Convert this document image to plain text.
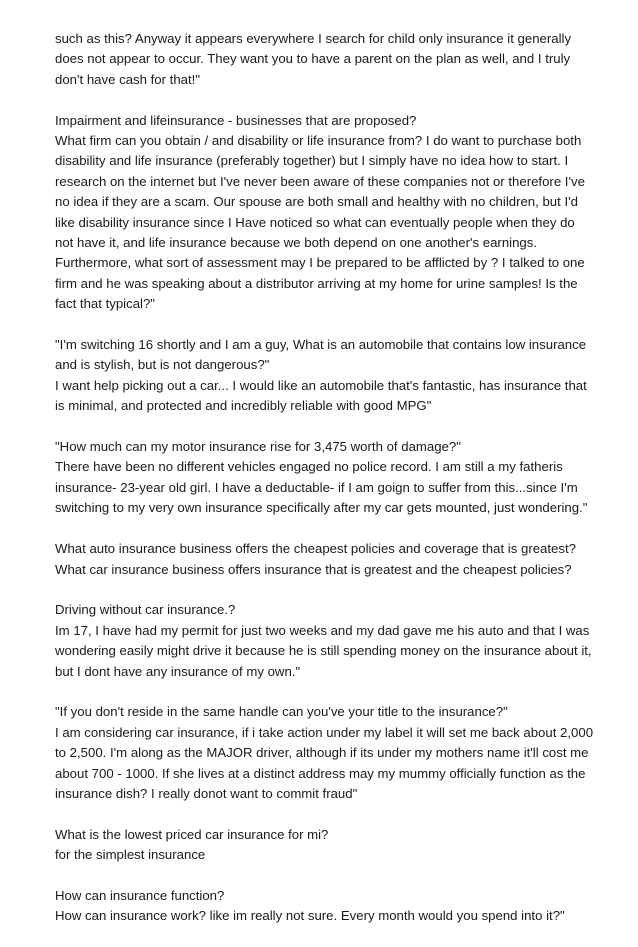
such as this? Anyway it appears everywhere I search for child only insurance it generally does not appear to occur. They want you to have a parent on the plan as well, and I truly don't have cash for that!"

Impairment and lifeinsurance - businesses that are proposed?

What firm can you obtain / and disability or life insurance from? I do want to purchase both disability and life insurance (preferably together) but I simply have no idea how to start. I research on the internet but I've never been aware of these companies not or therefore I've no idea if they are a scam. Our spouse are both small and healthy with no children, but I'd like disability insurance since I Have noticed so what can eventually people when they do not have it, and life insurance because we both depend on one another's earnings. Furthermore, what sort of assessment may I be prepared to be afflicted by ? I talked to one firm and he was speaking about a distributor arriving at my home for urine samples! Is the fact that typical?"

"I'm switching 16 shortly and I am a guy, What is an automobile that contains low insurance and is stylish, but is not dangerous?"

I want help picking out a car... I would like an automobile that's fantastic, has insurance that is minimal, and protected and incredibly reliable with good MPG"

"How much can my motor insurance rise for 3,475 worth of damage?"

There have been no different vehicles engaged no police record. I am still a my fatheris insurance- 23-year old girl. I have a deductable- if I am goign to suffer from this...since I'm switching to my very own insurance specifically after my car gets mounted, just wondering."

What auto insurance business offers the cheapest policies and coverage that is greatest?

What car insurance business offers insurance that is greatest and the cheapest policies?

Driving without car insurance.?

Im 17, I have had my permit for just two weeks and my dad gave me his auto and that I was wondering easily might drive it because he is still spending money on the insurance about it, but I dont have any insurance of my own."

"If you don't reside in the same handle can you've your title to the insurance?"

I am considering car insurance, if i take action under my label it will set me back about 2,000 to 2,500. I'm along as the MAJOR driver, although if its under my mothers name it'll cost me about 700 - 1000. If she lives at a distinct address may my mummy officially function as the insurance dish? I really donot want to commit fraud"

What is the lowest priced car insurance for mi?

for the simplest insurance

How can insurance function?

How can insurance work? like im really not sure. Every month would you spend into it?"
